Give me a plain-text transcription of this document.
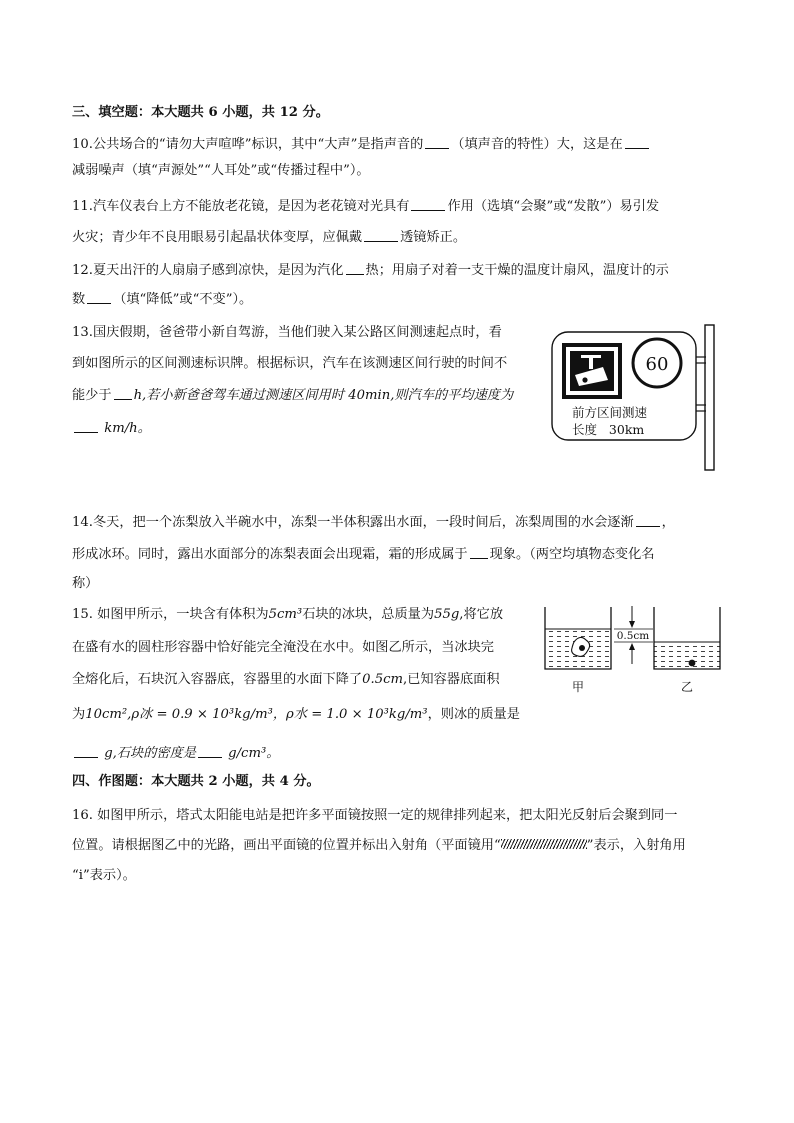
三、填空题：本大题共 6 小题，共 12 分。
10.公共场合的“请勿大声喧哗”标识，其中“大声”是指声音的 （填声音的特性）大，这是在
减弱噪声（填“声源处”“人耳处”或“传播过程中”）。
11.汽车仪表台上方不能放老花镜，是因为老花镜对光具有	作用（选填“会聚”或“发散”）易引发
火灾；青少年不良用眼易引起晶状体变厚，应佩戴	透镜矫正。
12.夏天出汗的人扇扇子感到凉快，是因为汽化 热；用扇子对着一支干燥的温度计扇风，温度计的示
数 （填“降低”或“不变”）。
13.国庆假期，爸爸带小新自驾游，当他们驶入某公路区间测速起点时，看
到如图所示的区间测速标识牌。根据标识，汽车在该测速区间行驶的时间不
能少于 h,若小新爸爸驾车通过测速区间用时 40min,则汽车的平均速度为
km/h。
60
前方区间测速
长度   30km
14.冬天，把一个冻梨放入半碗水中，冻梨一半体积露出水面，一段时间后，冻梨周围的水会逐渐 ，
形成冰环。同时，露出水面部分的冻梨表面会出现霜，霜的形成属于 现象。（两空均填物态变化名
称）
15. 如图甲所示，一块含有体积为5cm³石块的冰块，总质量为55g,将它放
在盛有水的圆柱形容器中恰好能完全淹没在水中。如图乙所示，当冰块完
全熔化后，石块沉入容器底，容器里的水面下降了0.5cm,已知容器底面积
为10cm²,ρ冰 = 0.9 × 10³kg/m³，ρ水 = 1.0 × 10³kg/m³，则冰的质量是
g,石块的密度是 g/cm³。
0.5cm
甲	乙
四、作图题：本大题共 2 小题，共 4 分。
16. 如图甲所示，塔式太阳能电站是把许多平面镜按照一定的规律排列起来，把太阳光反射后会聚到同一
位置。请根据图乙中的光路，画出平面镜的位置并标出入射角（平面镜用“	”表示，入射角用
“i”表示）。
